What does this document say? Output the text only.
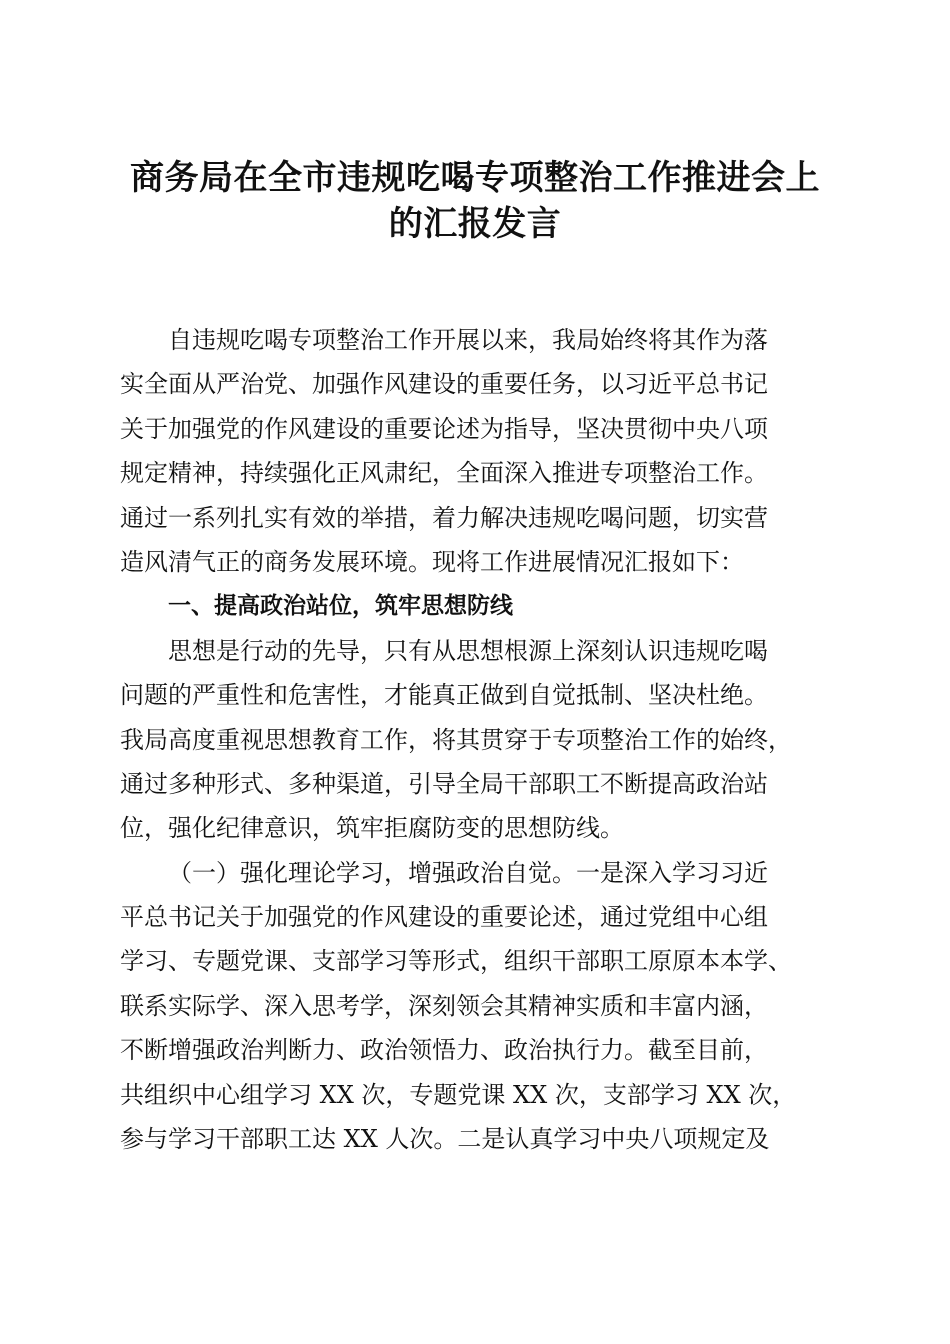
商务局在全市违规吃喝专项整治工作推进会上
的汇报发言
自违规吃喝专项整治工作开展以来，我局始终将其作为落
实全面从严治党、加强作风建设的重要任务，以习近平总书记
关于加强党的作风建设的重要论述为指导，坚决贯彻中央八项
规定精神，持续强化正风肃纪，全面深入推进专项整治工作。
通过一系列扎实有效的举措，着力解决违规吃喝问题，切实营
造风清气正的商务发展环境。现将工作进展情况汇报如下：
一、提高政治站位，筑牢思想防线
思想是行动的先导，只有从思想根源上深刻认识违规吃喝
问题的严重性和危害性，才能真正做到自觉抵制、坚决杜绝。
我局高度重视思想教育工作，将其贯穿于专项整治工作的始终，
通过多种形式、多种渠道，引导全局干部职工不断提高政治站
位，强化纪律意识，筑牢拒腐防变的思想防线。
（一）强化理论学习，增强政治自觉。一是深入学习习近
平总书记关于加强党的作风建设的重要论述，通过党组中心组
学习、专题党课、支部学习等形式，组织干部职工原原本本学、
联系实际学、深入思考学，深刻领会其精神实质和丰富内涵，
不断增强政治判断力、政治领悟力、政治执行力。截至目前，
共组织中心组学习 XX 次，专题党课 XX 次，支部学习 XX 次，
参与学习干部职工达 XX 人次。二是认真学习中央八项规定及
